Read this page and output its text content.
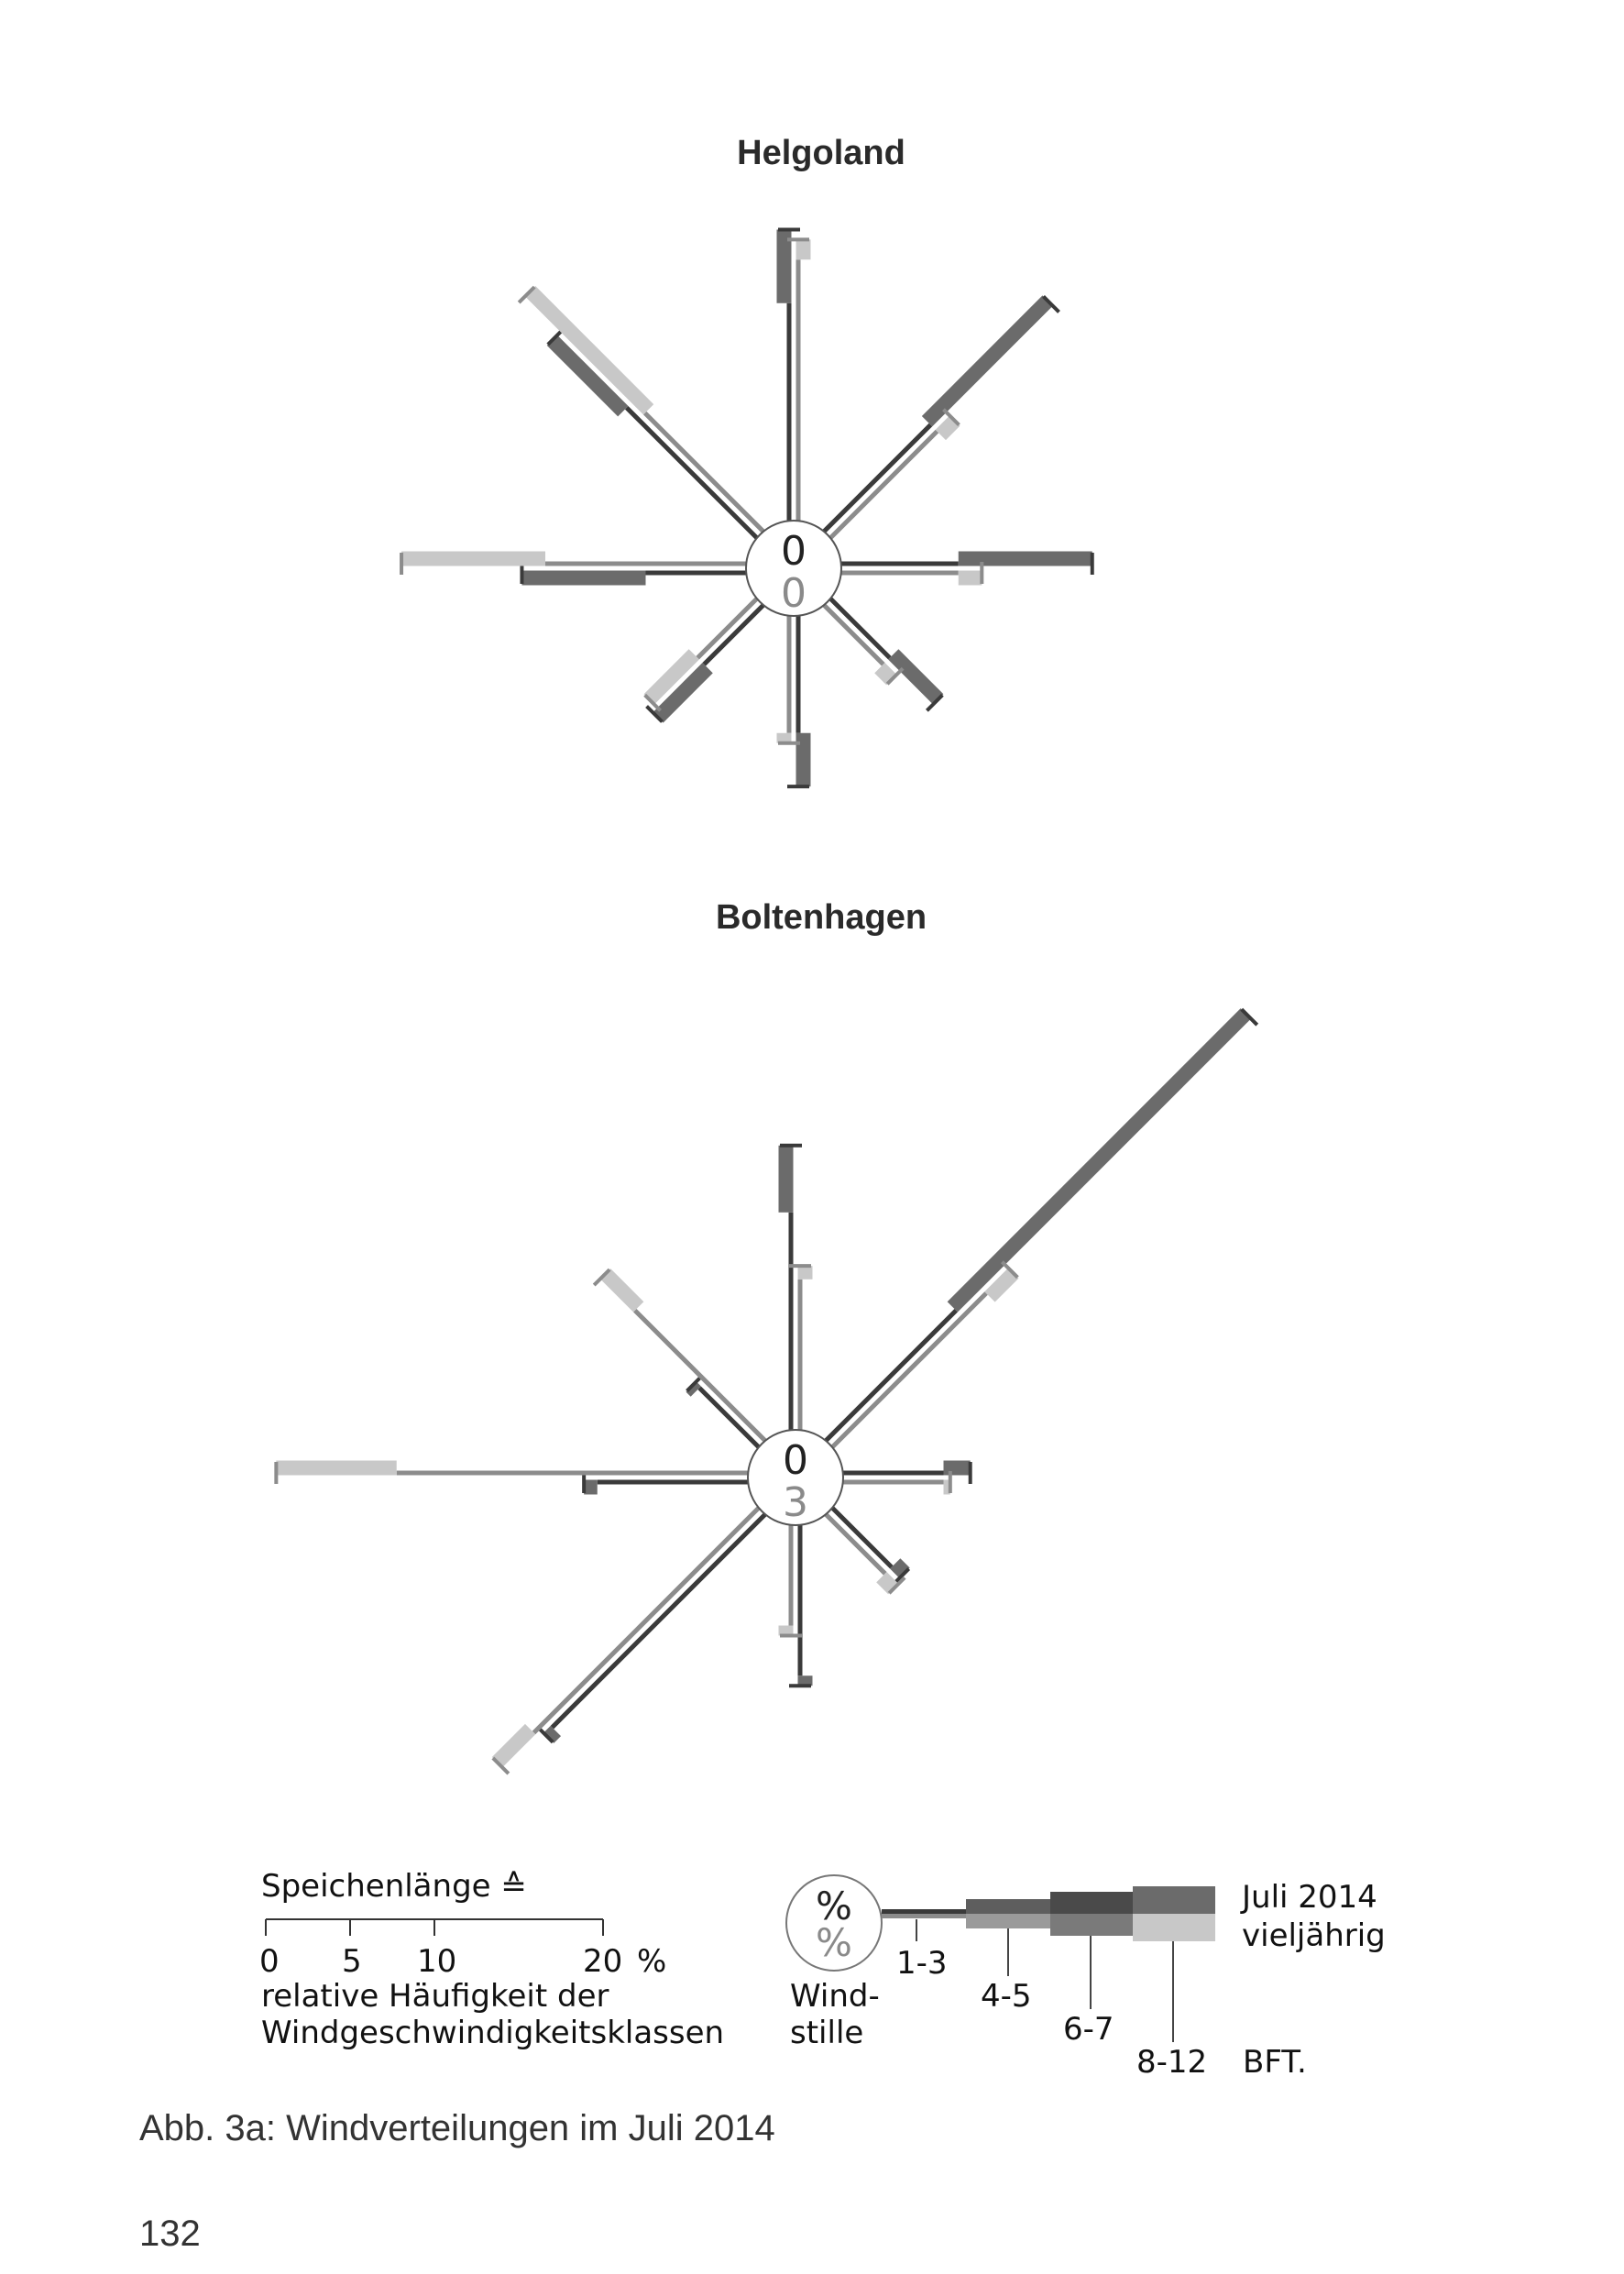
Helgoland
Boltenhagen
0
0
0
3
%
%
Speichenlänge ≙
0 5 10	20 %
relative Häufigkeit der
Windgeschwindigkeitsklassen
Wind-
stille
1-3
4-5
6-7
8-12 BFT.
Juli 2014
vieljährig
Abb. 3a: Windverteilungen im Juli 2014
132
